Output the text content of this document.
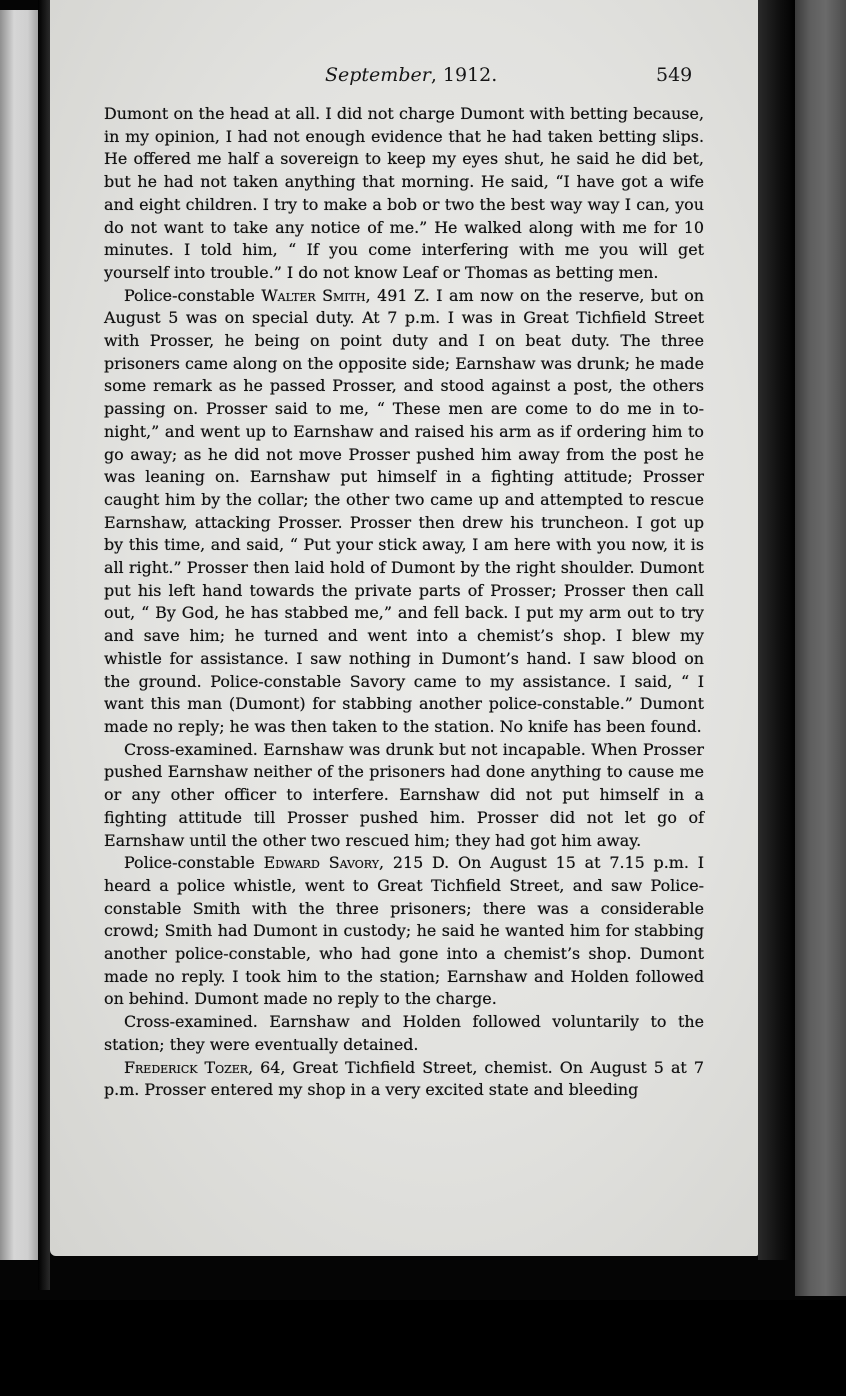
September, 1912.	549

Dumont on the head at all. I did not charge Dumont with betting because, in my opinion, I had not enough evidence that he had taken betting slips. He offered me half a sovereign to keep my eyes shut, he said he did bet, but he had not taken anything that morning. He said, “I have got a wife and eight children. I try to make a bob or two the best way way I can, you do not want to take any notice of me.” He walked along with me for 10 minutes. I told him, “ If you come interfering with me you will get yourself into trouble.” I do not know Leaf or Thomas as betting men.

Police-constable Walter Smith, 491 Z. I am now on the reserve, but on August 5 was on special duty. At 7 p.m. I was in Great Tichfield Street with Prosser, he being on point duty and I on beat duty. The three prisoners came along on the opposite side; Earnshaw was drunk; he made some remark as he passed Prosser, and stood against a post, the others passing on. Prosser said to me, “ These men are come to do me in to-night,” and went up to Earnshaw and raised his arm as if ordering him to go away; as he did not move Prosser pushed him away from the post he was leaning on. Earnshaw put himself in a fighting attitude; Prosser caught him by the collar; the other two came up and attempted to rescue Earnshaw, attacking Prosser. Prosser then drew his truncheon. I got up by this time, and said, “ Put your stick away, I am here with you now, it is all right.” Prosser then laid hold of Dumont by the right shoulder. Dumont put his left hand towards the private parts of Prosser; Prosser then call out, “ By God, he has stabbed me,” and fell back. I put my arm out to try and save him; he turned and went into a chemist’s shop. I blew my whistle for assistance. I saw nothing in Dumont’s hand. I saw blood on the ground. Police-constable Savory came to my assistance. I said, “ I want this man (Dumont) for stabbing another police-constable.” Dumont made no reply; he was then taken to the station. No knife has been found.

Cross-examined. Earnshaw was drunk but not incapable. When Prosser pushed Earnshaw neither of the prisoners had done anything to cause me or any other officer to interfere. Earnshaw did not put himself in a fighting attitude till Prosser pushed him. Prosser did not let go of Earnshaw until the other two rescued him; they had got him away.

Police-constable Edward Savory, 215 D. On August 15 at 7.15 p.m. I heard a police whistle, went to Great Tichfield Street, and saw Police-constable Smith with the three prisoners; there was a considerable crowd; Smith had Dumont in custody; he said he wanted him for stabbing another police-constable, who had gone into a chemist’s shop. Dumont made no reply. I took him to the station; Earnshaw and Holden followed on behind. Dumont made no reply to the charge.

Cross-examined. Earnshaw and Holden followed voluntarily to the station; they were eventually detained.

Frederick Tozer, 64, Great Tichfield Street, chemist. On August 5 at 7 p.m. Prosser entered my shop in a very excited state and bleeding
